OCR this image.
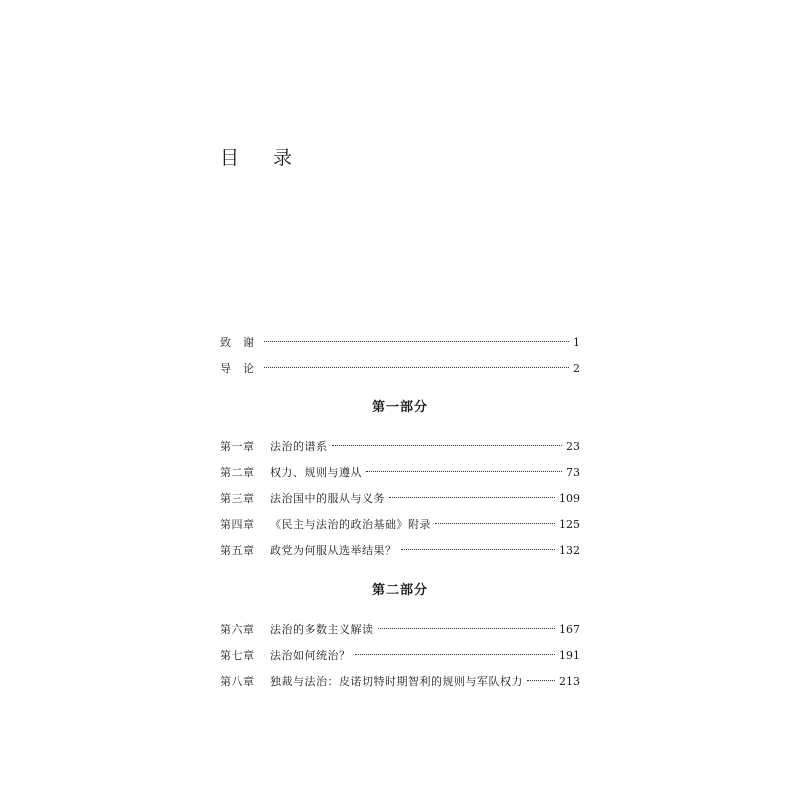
目 录
致谢	1
导论	2
第一部分
第一章	法治的谱系	23
第二章	权力、规则与遵从	73
第三章	法治国中的服从与义务	109
第四章	《民主与法治的政治基础》附录	125
第五章	政党为何服从选举结果？	132
第二部分
第六章	法治的多数主义解读	167
第七章	法治如何统治？	191
第八章	独裁与法治：皮诺切特时期智利的规则与军队权力	213
